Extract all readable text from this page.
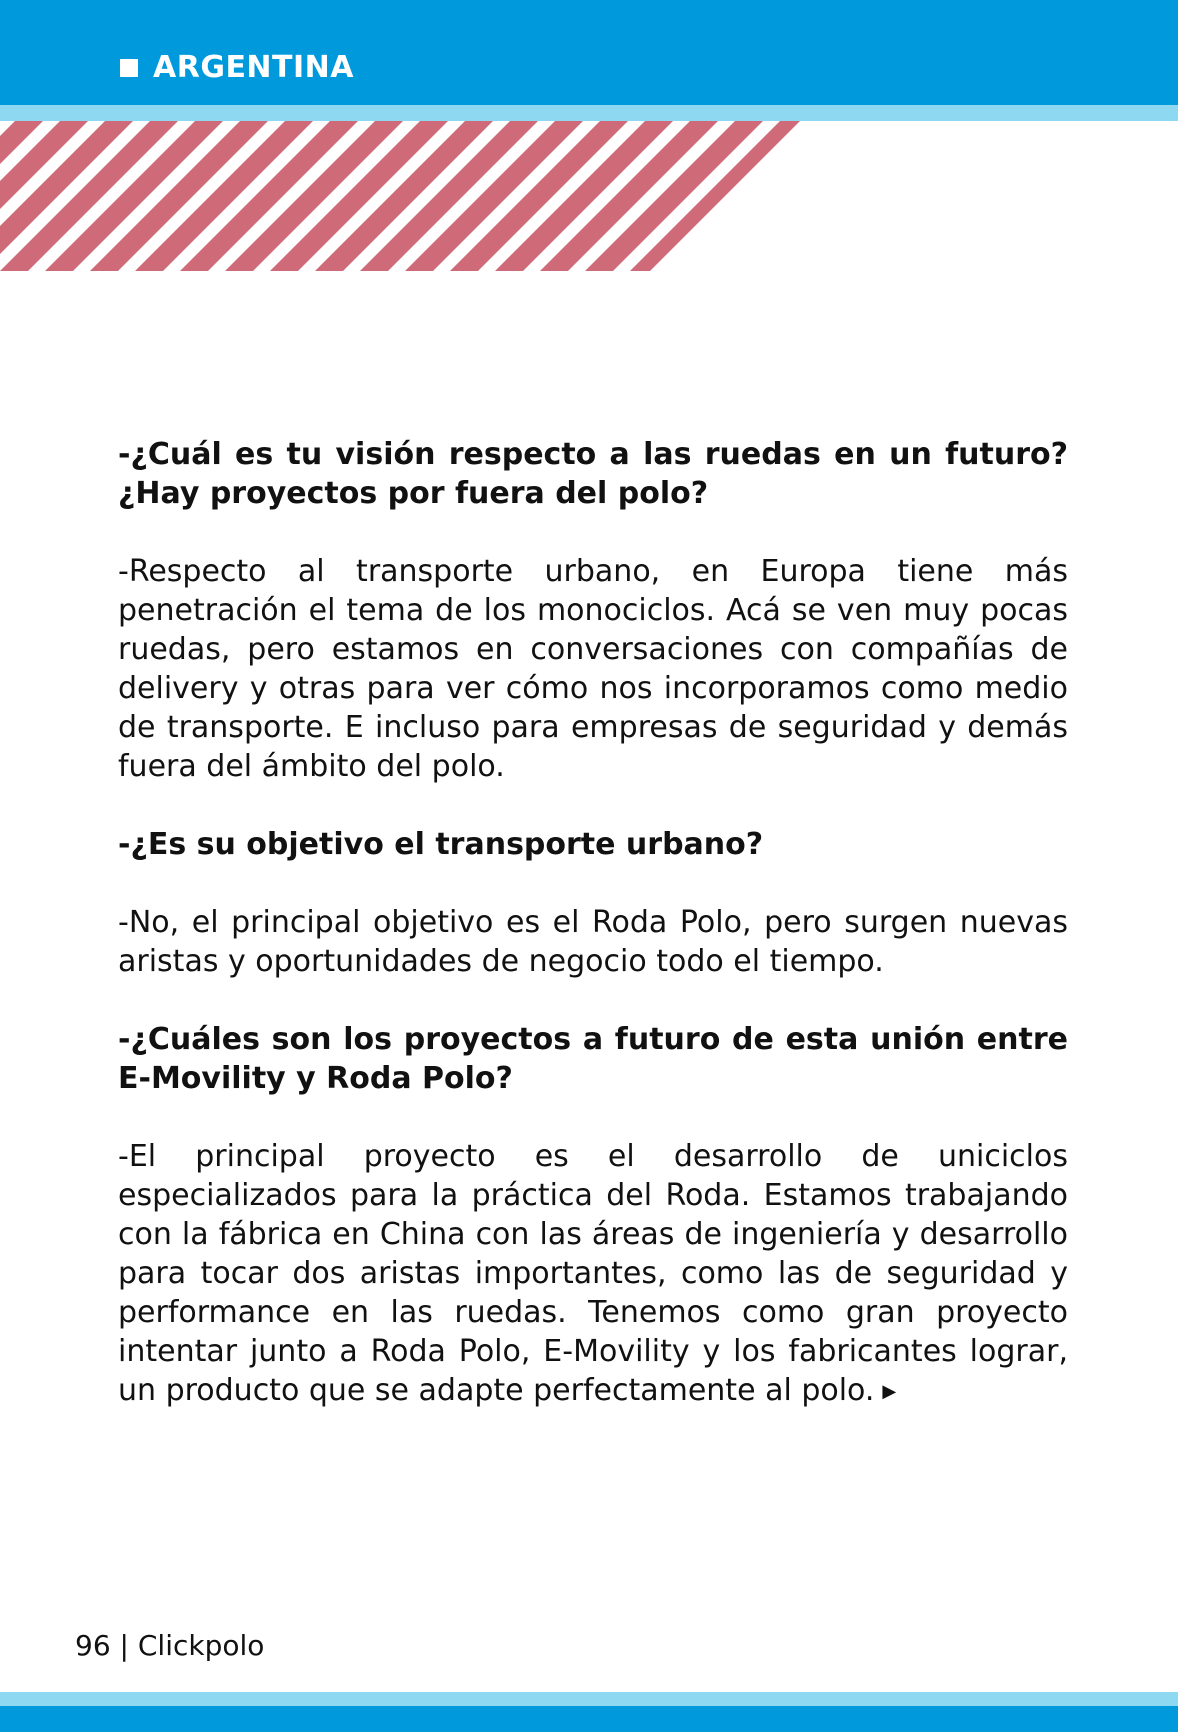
ARGENTINA

-¿Cuál es tu visión respecto a las ruedas en un futuro? ¿Hay proyectos por fuera del polo?

-Respecto al transporte urbano, en Europa tiene más penetración el tema de los monociclos. Acá se ven muy pocas ruedas, pero estamos en conversaciones con compañías de delivery y otras para ver cómo nos incorporamos como medio de transporte. E incluso para empresas de seguridad y demás fuera del ámbito del polo.

-¿Es su objetivo el transporte urbano?

-No, el principal objetivo es el Roda Polo, pero surgen nuevas aristas y oportunidades de negocio todo el tiempo.

-¿Cuáles son los proyectos a futuro de esta unión entre E-Movility y Roda Polo?

-El principal proyecto es el desarrollo de uniciclos especializados para la práctica del Roda. Estamos trabajando con la fábrica en China con las áreas de ingeniería y desarrollo para tocar dos aristas importantes, como las de seguridad y performance en las ruedas. Tenemos como gran proyecto intentar junto a Roda Polo, E-Movility y los fabricantes lograr, un producto que se adapte perfectamente al polo. ▶

96 | Clickpolo
